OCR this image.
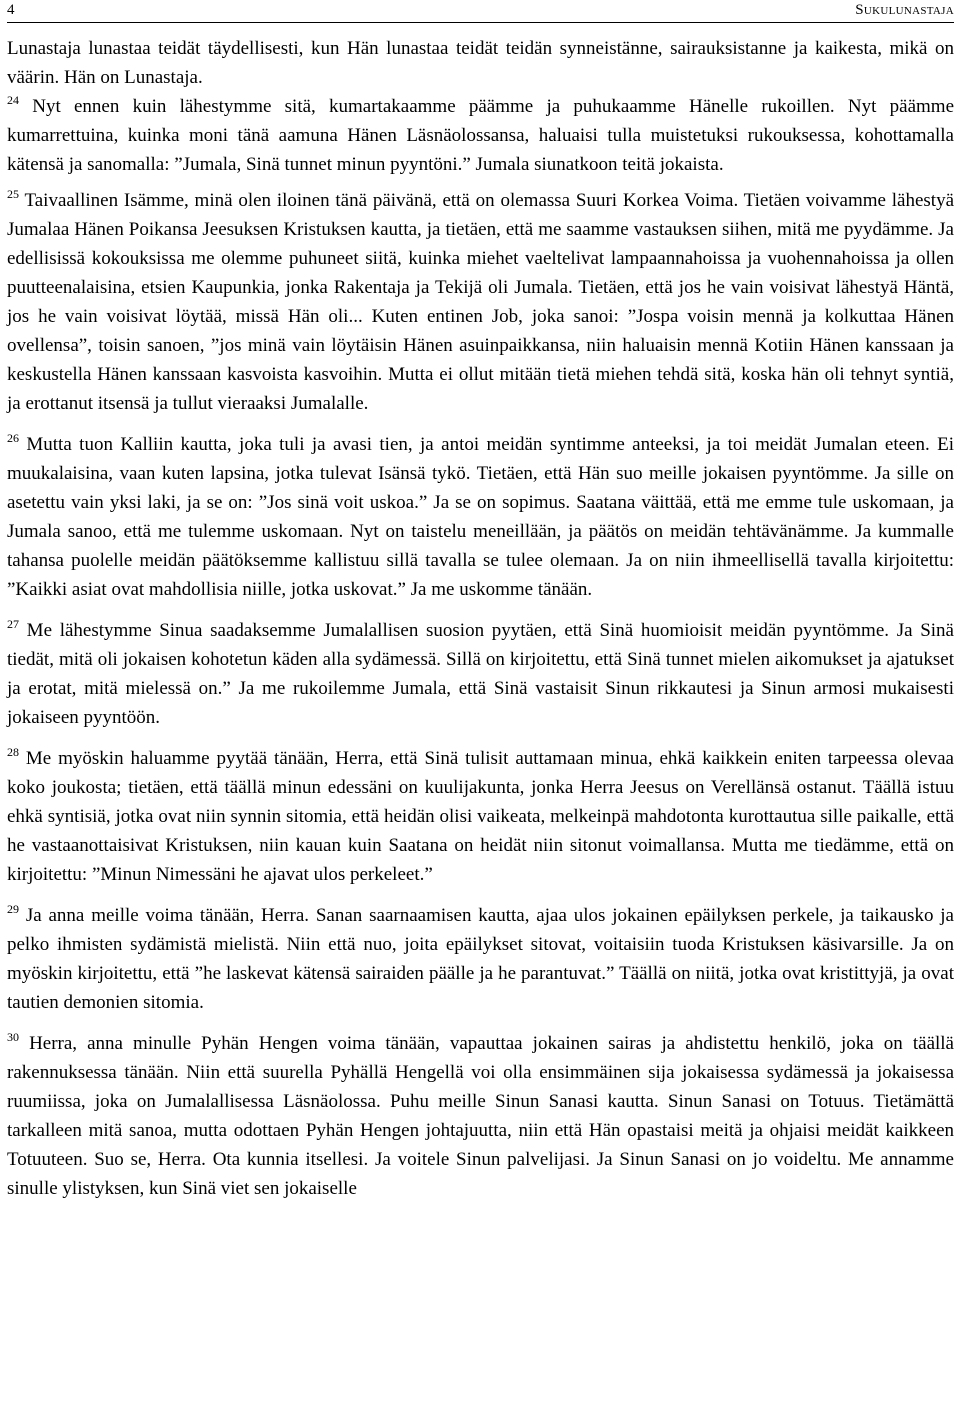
4	Sukulunastaja

Lunastaja lunastaa teidät täydellisesti, kun Hän lunastaa teidät teidän synneistänne, sairauksistanne ja kaikesta, mikä on väärin. Hän on Lunastaja.

$^{24}$ Nyt ennen kuin lähestymme sitä, kumartakaamme päämme ja puhukaamme Hänelle rukoillen. Nyt päämme kumarrettuina, kuinka moni tänä aamuna Hänen Läsnäolossansa, haluaisi tulla muistetuksi rukouksessa, kohottamalla kätensä ja sanomalla: ”Jumala, Sinä tunnet minun pyyntöni.” Jumala siunatkoon teitä jokaista.

$^{25}$ Taivaallinen Isämme, minä olen iloinen tänä päivänä, että on olemassa Suuri Korkea Voima. Tietäen voivamme lähestyä Jumalaa Hänen Poikansa Jeesuksen Kristuksen kautta, ja tietäen, että me saamme vastauksen siihen, mitä me pyydämme. Ja edellisissä kokouksissa me olemme puhuneet siitä, kuinka miehet vaeltelivat lampaannahoissa ja vuohennahoissa ja ollen puutteenalaisina, etsien Kaupunkia, jonka Rakentaja ja Tekijä oli Jumala. Tietäen, että jos he vain voisivat lähestyä Häntä, jos he vain voisivat löytää, missä Hän oli... Kuten entinen Job, joka sanoi: ”Jospa voisin mennä ja kolkuttaa Hänen ovellensa”, toisin sanoen, ”jos minä vain löytäisin Hänen asuinpaikkansa, niin haluaisin mennä Kotiin Hänen kanssaan ja keskustella Hänen kanssaan kasvoista kasvoihin. Mutta ei ollut mitään tietä miehen tehdä sitä, koska hän oli tehnyt syntiä, ja erottanut itsensä ja tullut vieraaksi Jumalalle.

$^{26}$ Mutta tuon Kalliin kautta, joka tuli ja avasi tien, ja antoi meidän syntimme anteeksi, ja toi meidät Jumalan eteen. Ei muukalaisina, vaan kuten lapsina, jotka tulevat Isänsä tykö. Tietäen, että Hän suo meille jokaisen pyyntömme. Ja sille on asetettu vain yksi laki, ja se on: ”Jos sinä voit uskoa.” Ja se on sopimus. Saatana väittää, että me emme tule uskomaan, ja Jumala sanoo, että me tulemme uskomaan. Nyt on taistelu meneillään, ja päätös on meidän tehtävänämme. Ja kummalle tahansa puolelle meidän päätöksemme kallistuu sillä tavalla se tulee olemaan. Ja on niin ihmeellisellä tavalla kirjoitettu: ”Kaikki asiat ovat mahdollisia niille, jotka uskovat.” Ja me uskomme tänään.

$^{27}$ Me lähestymme Sinua saadaksemme Jumalallisen suosion pyytäen, että Sinä huomioisit meidän pyyntömme. Ja Sinä tiedät, mitä oli jokaisen kohotetun käden alla sydämessä. Sillä on kirjoitettu, että Sinä tunnet mielen aikomukset ja ajatukset ja erotat, mitä mielessä on.” Ja me rukoilemme Jumala, että Sinä vastaisit Sinun rikkautesi ja Sinun armosi mukaisesti jokaiseen pyyntöön.

$^{28}$ Me myöskin haluamme pyytää tänään, Herra, että Sinä tulisit auttamaan minua, ehkä kaikkein eniten tarpeessa olevaa koko joukosta; tietäen, että täällä minun edessäni on kuulijakunta, jonka Herra Jeesus on Verellänsä ostanut. Täällä istuu ehkä syntisiä, jotka ovat niin synnin sitomia, että heidän olisi vaikeata, melkeinpä mahdotonta kurottautua sille paikalle, että he vastaanottaisivat Kristuksen, niin kauan kuin Saatana on heidät niin sitonut voimallansa. Mutta me tiedämme, että on kirjoitettu: ”Minun Nimessäni he ajavat ulos perkeleet.”

$^{29}$ Ja anna meille voima tänään, Herra. Sanan saarnaamisen kautta, ajaa ulos jokainen epäilyksen perkele, ja taikausko ja pelko ihmisten sydämistä mielistä. Niin että nuo, joita epäilykset sitovat, voitaisiin tuoda Kristuksen käsivarsille. Ja on myöskin kirjoitettu, että ”he laskevat kätensä sairaiden päälle ja he parantuvat.” Täällä on niitä, jotka ovat kristittyjä, ja ovat tautien demonien sitomia.

$^{30}$ Herra, anna minulle Pyhän Hengen voima tänään, vapauttaa jokainen sairas ja ahdistettu henkilö, joka on täällä rakennuksessa tänään. Niin että suurella Pyhällä Hengellä voi olla ensimmäinen sija jokaisessa sydämessä ja jokaisessa ruumiissa, joka on Jumalallisessa Läsnäolossa. Puhu meille Sinun Sanasi kautta. Sinun Sanasi on Totuus. Tietämättä tarkalleen mitä sanoa, mutta odottaen Pyhän Hengen johtajuutta, niin että Hän opastaisi meitä ja ohjaisi meidät kaikkeen Totuuteen. Suo se, Herra. Ota kunnia itsellesi. Ja voitele Sinun palvelijasi. Ja Sinun Sanasi on jo voideltu. Me annamme sinulle ylistyksen, kun Sinä viet sen jokaiselle
